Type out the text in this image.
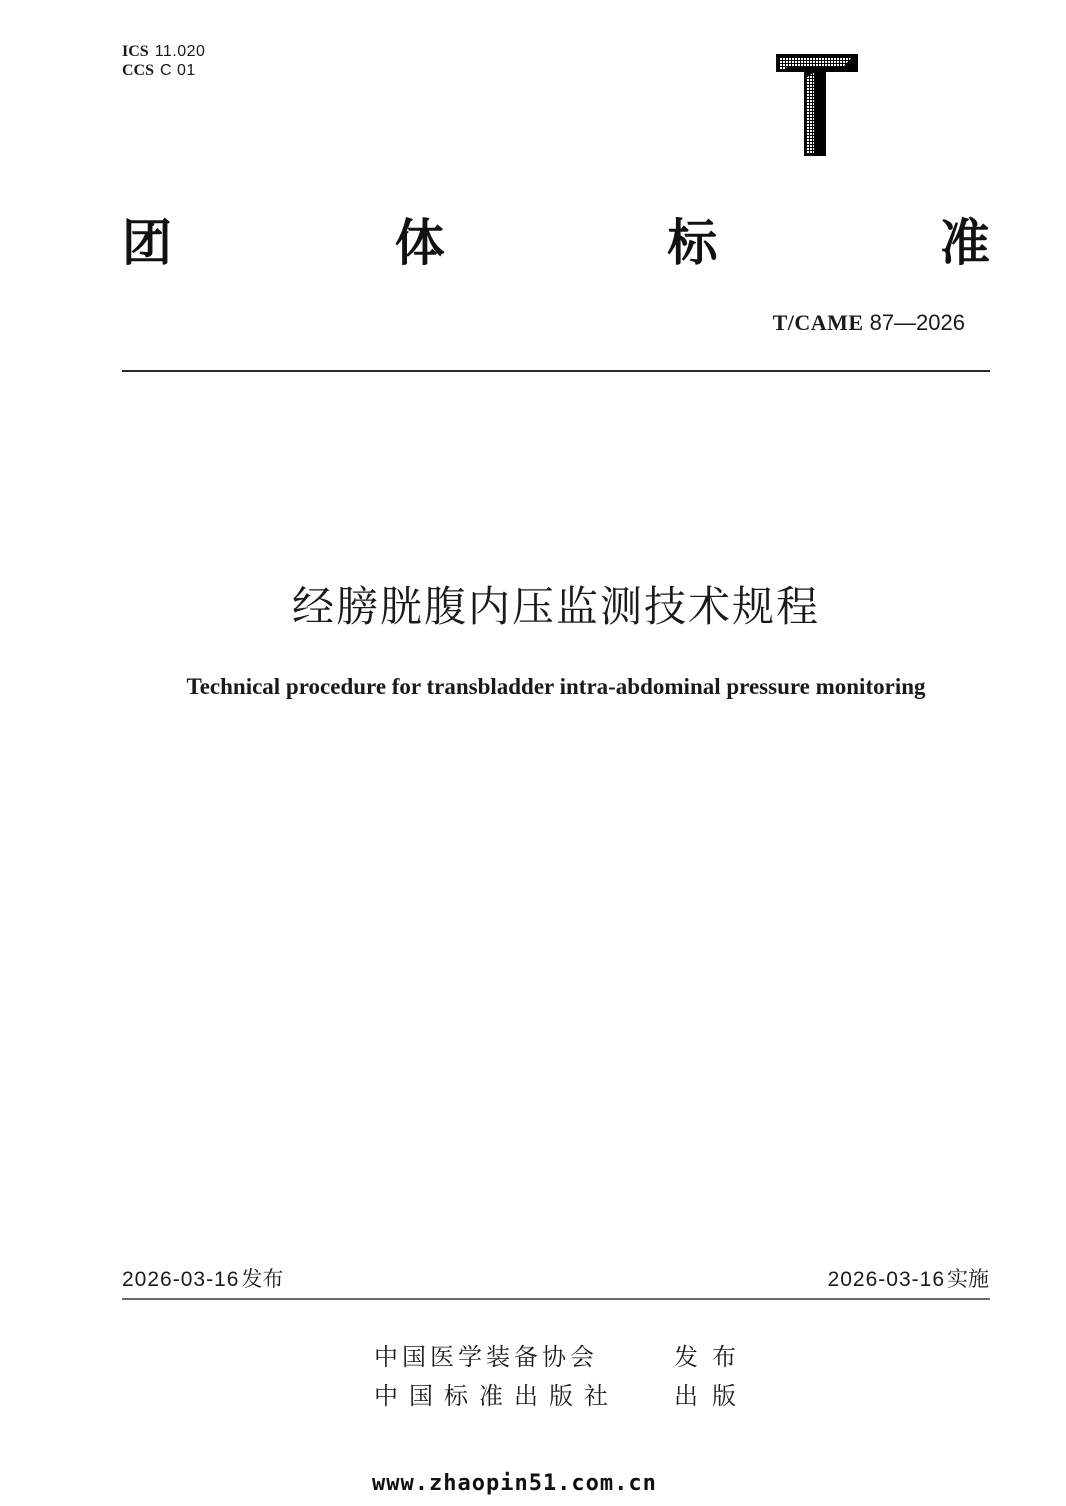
ICS 11.020
CCS C 01
团	体	标	准
T/CAME 87—2026
经膀胱腹内压监测技术规程
Technical procedure for transbladder intra-abdominal pressure monitoring
2026-03-16发布	2026-03-16实施
中国医学装备协会	发布
中国标准出版社 出版
www.zhaopin51.com.cn
